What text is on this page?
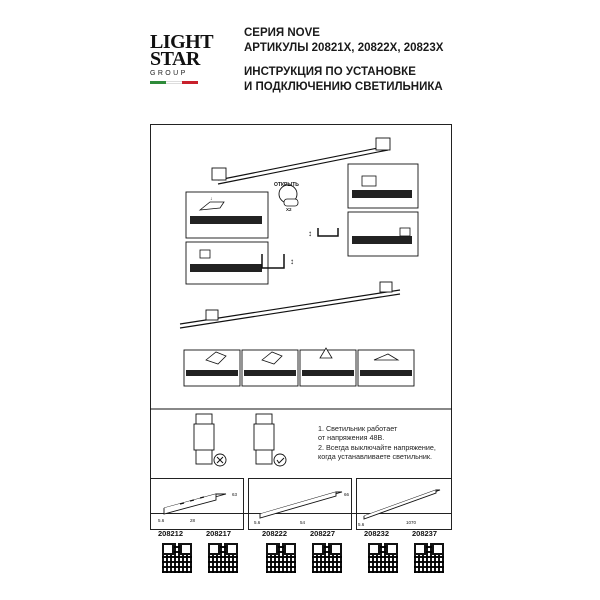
LIGHT
STAR
GROUP
СЕРИЯ NOVE
АРТИКУЛЫ 20821X, 20822X, 20823X
ИНСТРУКЦИЯ ПО УСТАНОВКЕ
И ПОДКЛЮЧЕНИЮ СВЕТИЛЬНИКА
↓
ОТКРЫТЬ
X2
↕
↕
1. Светильник работает
от напряжения 48В.
2. Всегда выключайте напряжение,
когда устанавливаете светильник.
63
28
5.6
66
54
5.6	1070
5.6
208212	208217	208222	208227	208232	208237
